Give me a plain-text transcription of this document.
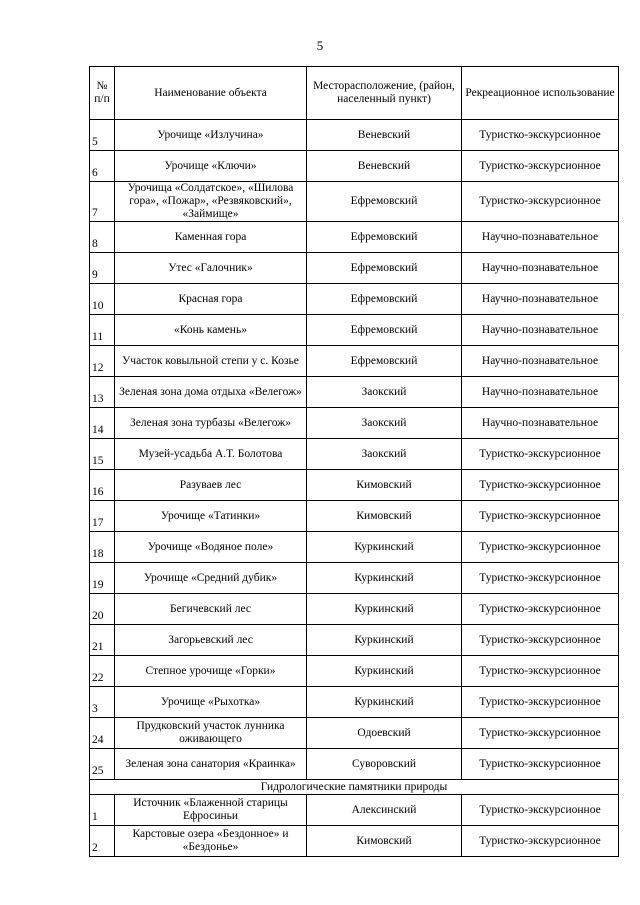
5
№ п/п	Наименование объекта	Месторасположение, (район, населенный пункт)	Рекреационное использование
5	Урочище «Излучина»	Веневский	Туристко-экскурсионное
6	Урочище «Ключи»	Веневский	Туристко-экскурсионное
7	Урочища «Солдатское», «Шилова гора», «Пожар», «Резвяковский», «Займище»	Ефремовский	Туристко-экскурсионное
8	Каменная гора	Ефремовский	Научно-познавательное
9	Утес «Галочник»	Ефремовский	Научно-познавательное
10	Красная гора	Ефремовский	Научно-познавательное
11	«Конь камень»	Ефремовский	Научно-познавательное
12	Участок ковыльной степи у с. Козье	Ефремовский	Научно-познавательное
13	Зеленая зона дома отдыха «Велегож»	Заокский	Научно-познавательное
14	Зеленая зона турбазы «Велегож»	Заокский	Научно-познавательное
15	Музей-усадьба А.Т. Болотова	Заокский	Туристко-экскурсионное
16	Разуваев лес	Кимовский	Туристко-экскурсионное
17	Урочище «Татинки»	Кимовский	Туристко-экскурсионное
18	Урочище «Водяное поле»	Куркинский	Туристко-экскурсионное
19	Урочище «Средний дубик»	Куркинский	Туристко-экскурсионное
20	Бегичевский лес	Куркинский	Туристко-экскурсионное
21	Загорьевский лес	Куркинский	Туристко-экскурсионное
22	Степное урочище «Горки»	Куркинский	Туристко-экскурсионное
3	Урочище «Рыхотка»	Куркинский	Туристко-экскурсионное
24	Прудковский участок лунника оживающего	Одоевский	Туристко-экскурсионное
25	Зеленая зона санатория «Краинка»	Суворовский	Туристко-экскурсионное
Гидрологические памятники природы			
1	Источник «Блаженной старицы Ефросиньи	Алексинский	Туристко-экскурсионное
2	Карстовые озера «Бездонное» и «Бездонье»	Кимовский	Туристко-экскурсионное
